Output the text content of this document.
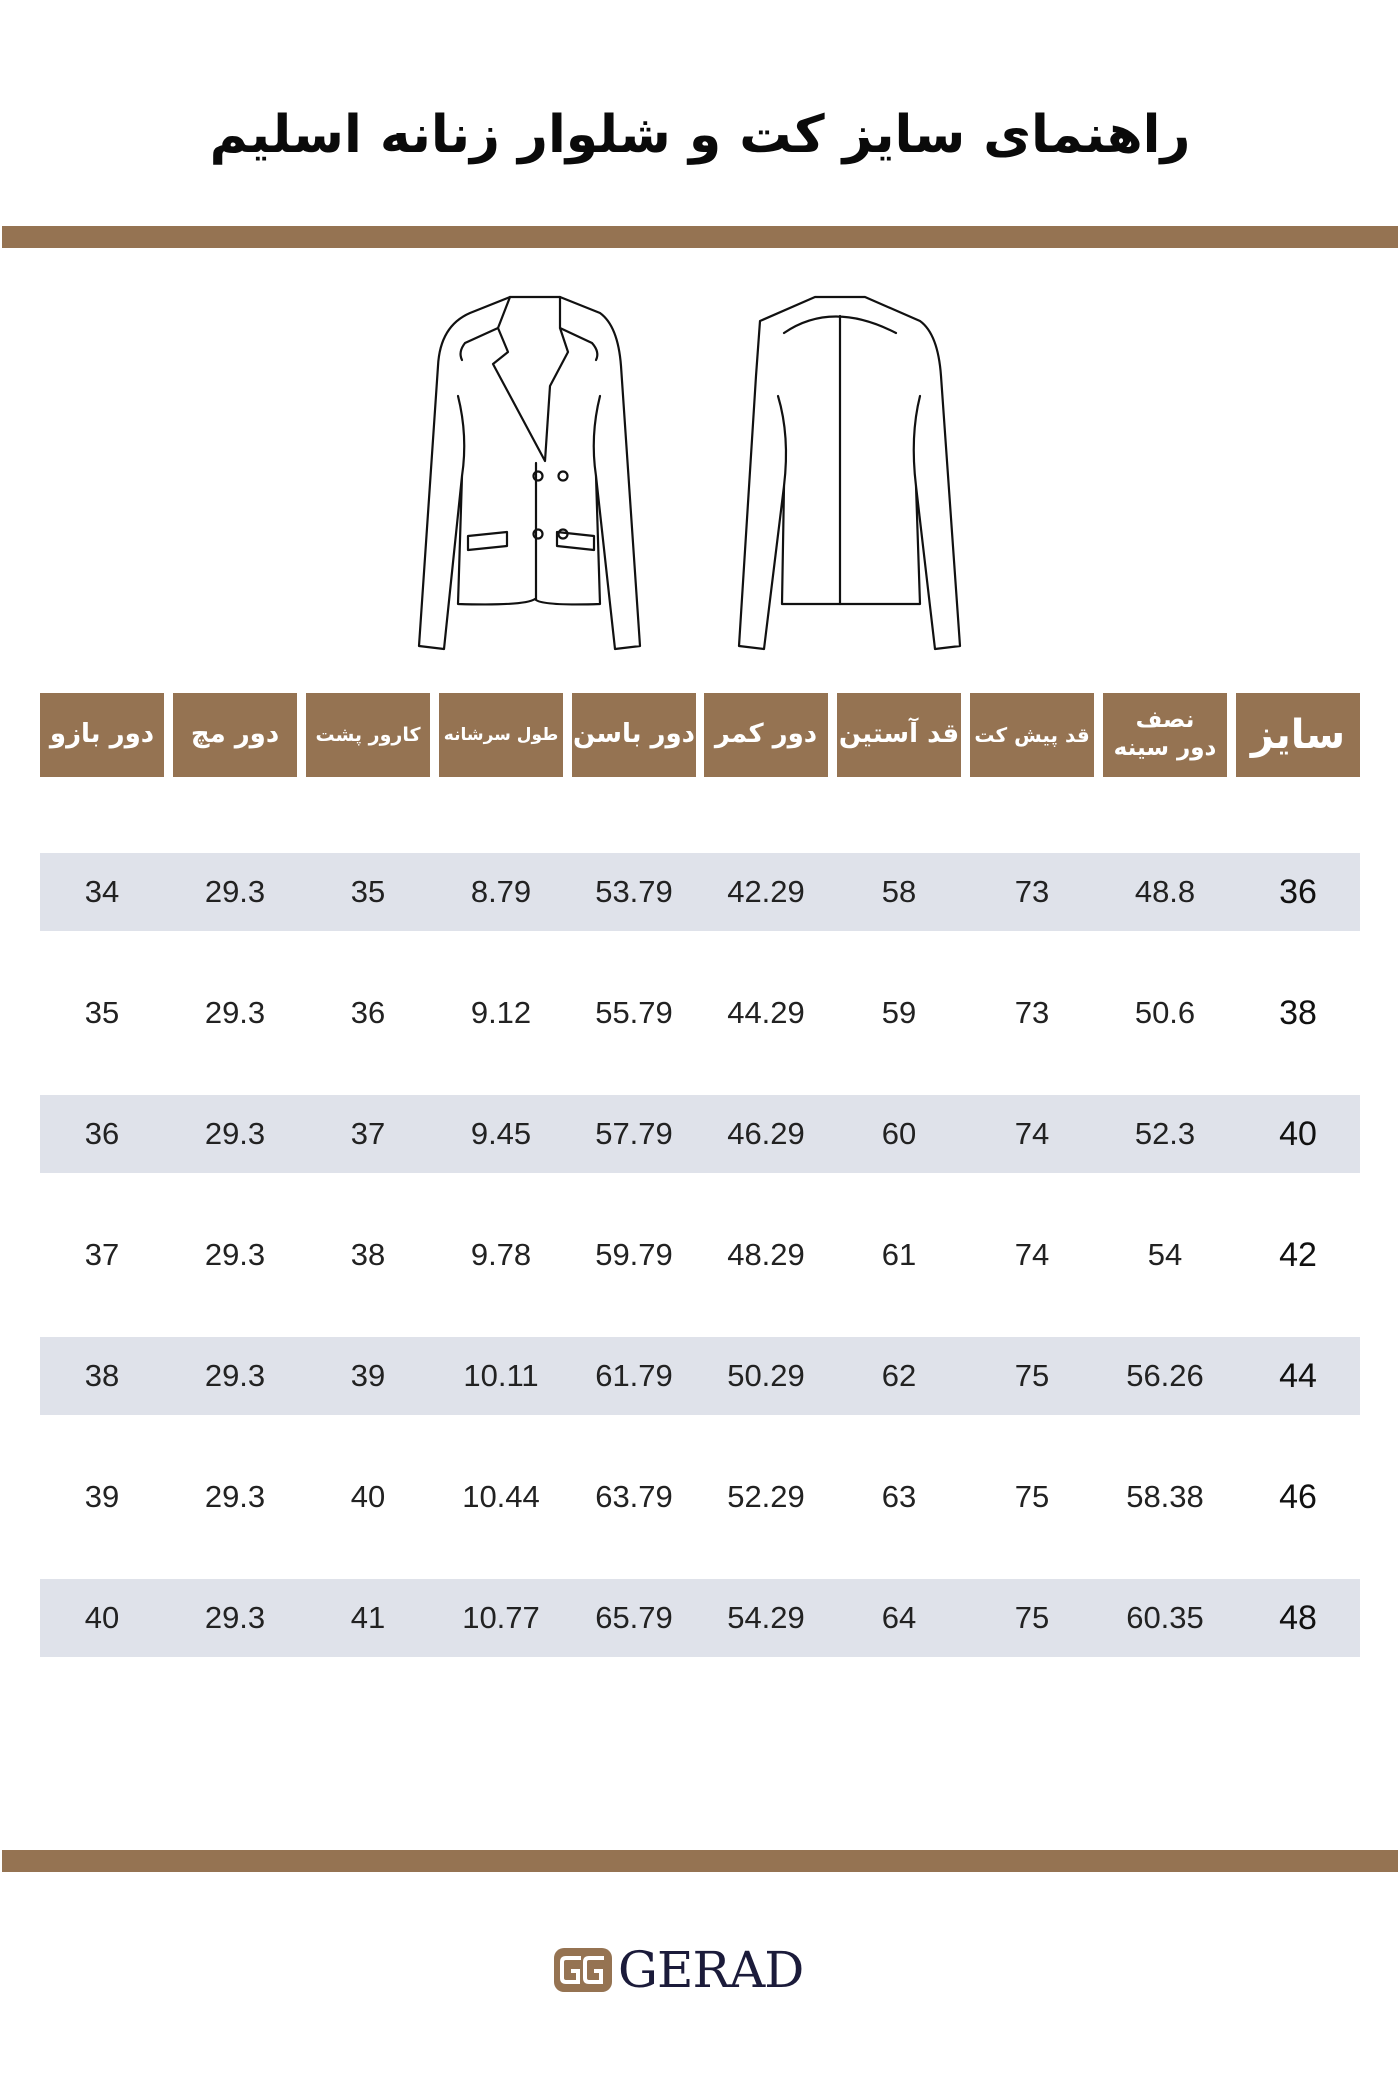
راهنمای سایز کت و شلوار زنانه اسلیم
سایز
نصف
دور سینه
قد پیش کت
قد آستین
دور کمر
دور باسن
طول سرشانه
کارور پشت
دور مچ
دور بازو
36
48.8
73
58
42.29
53.79
8.79
35
29.3
34
38
50.6
73
59
44.29
55.79
9.12
36
29.3
35
40
52.3
74
60
46.29
57.79
9.45
37
29.3
36
42
54
74
61
48.29
59.79
9.78
38
29.3
37
44
56.26
75
62
50.29
61.79
10.11
39
29.3
38
46
58.38
75
63
52.29
63.79
10.44
40
29.3
39
48
60.35
75
64
54.29
65.79
10.77
41
29.3
40
GERAD
